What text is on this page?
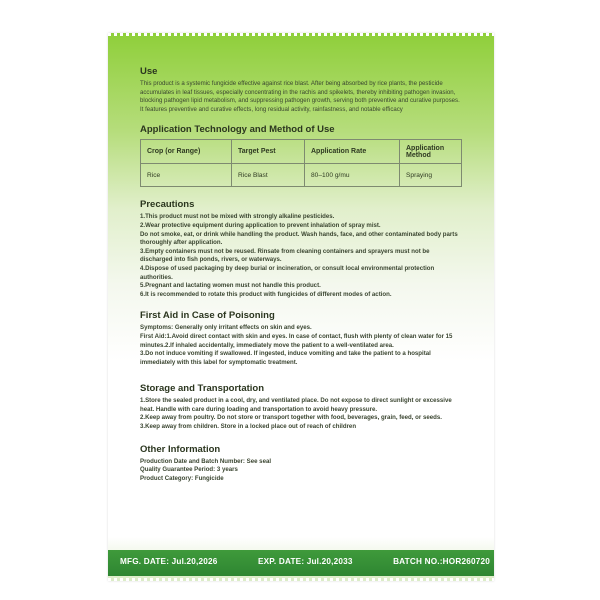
Use
This product is a systemic fungicide effective against rice blast. After being absorbed by rice plants, the pesticide accumulates in leaf tissues, especially concentrating in the rachis and spikelets, thereby inhibiting pathogen invasion, blocking pathogen lipid metabolism, and suppressing pathogen growth, serving both preventive and curative purposes. It features preventive and curative effects, long residual activity, rainfastness, and notable efficacy
Application Technology and Method of Use
Crop (or Range)	Target Pest	Application Rate	Application Method
Rice	Rice Blast	80–100 g/mu	Spraying
Precautions

1.This product must not be mixed with strongly alkaline pesticides.

2.Wear protective equipment during application to prevent inhalation of spray mist.

Do not smoke, eat, or drink while handling the product. Wash hands, face, and other contaminated body parts thoroughly after application.

3.Empty containers must not be reused. Rinsate from cleaning containers and sprayers must not be discharged into fish ponds, rivers, or waterways.

4.Dispose of used packaging by deep burial or incineration, or consult local environmental protection authorities.

5.Pregnant and lactating women must not handle this product.

6.It is recommended to rotate this product with fungicides of different modes of action.

First Aid in Case of Poisoning

Symptoms: Generally only irritant effects on skin and eyes.

First Aid:1.Avoid direct contact with skin and eyes. In case of contact, flush with plenty of clean water for 15 minutes.2.If inhaled accidentally, immediately move the patient to a well-ventilated area.

3.Do not induce vomiting if swallowed. If ingested, induce vomiting and take the patient to a hospital immediately with this label for symptomatic treatment.

Storage and Transportation

1.Store the sealed product in a cool, dry, and ventilated place. Do not expose to direct sunlight or excessive heat. Handle with care during loading and transportation to avoid heavy pressure.

2.Keep away from poultry. Do not store or transport together with food, beverages, grain, feed, or seeds.

3.Keep away from children. Store in a locked place out of reach of children

Other Information

Production Date and Batch Number: See seal

Quality Guarantee Period: 3 years

Product Category: Fungicide

MFG. DATE: Jul.20,2026	EXP. DATE: Jul.20,2033	BATCH NO.:HOR260720
